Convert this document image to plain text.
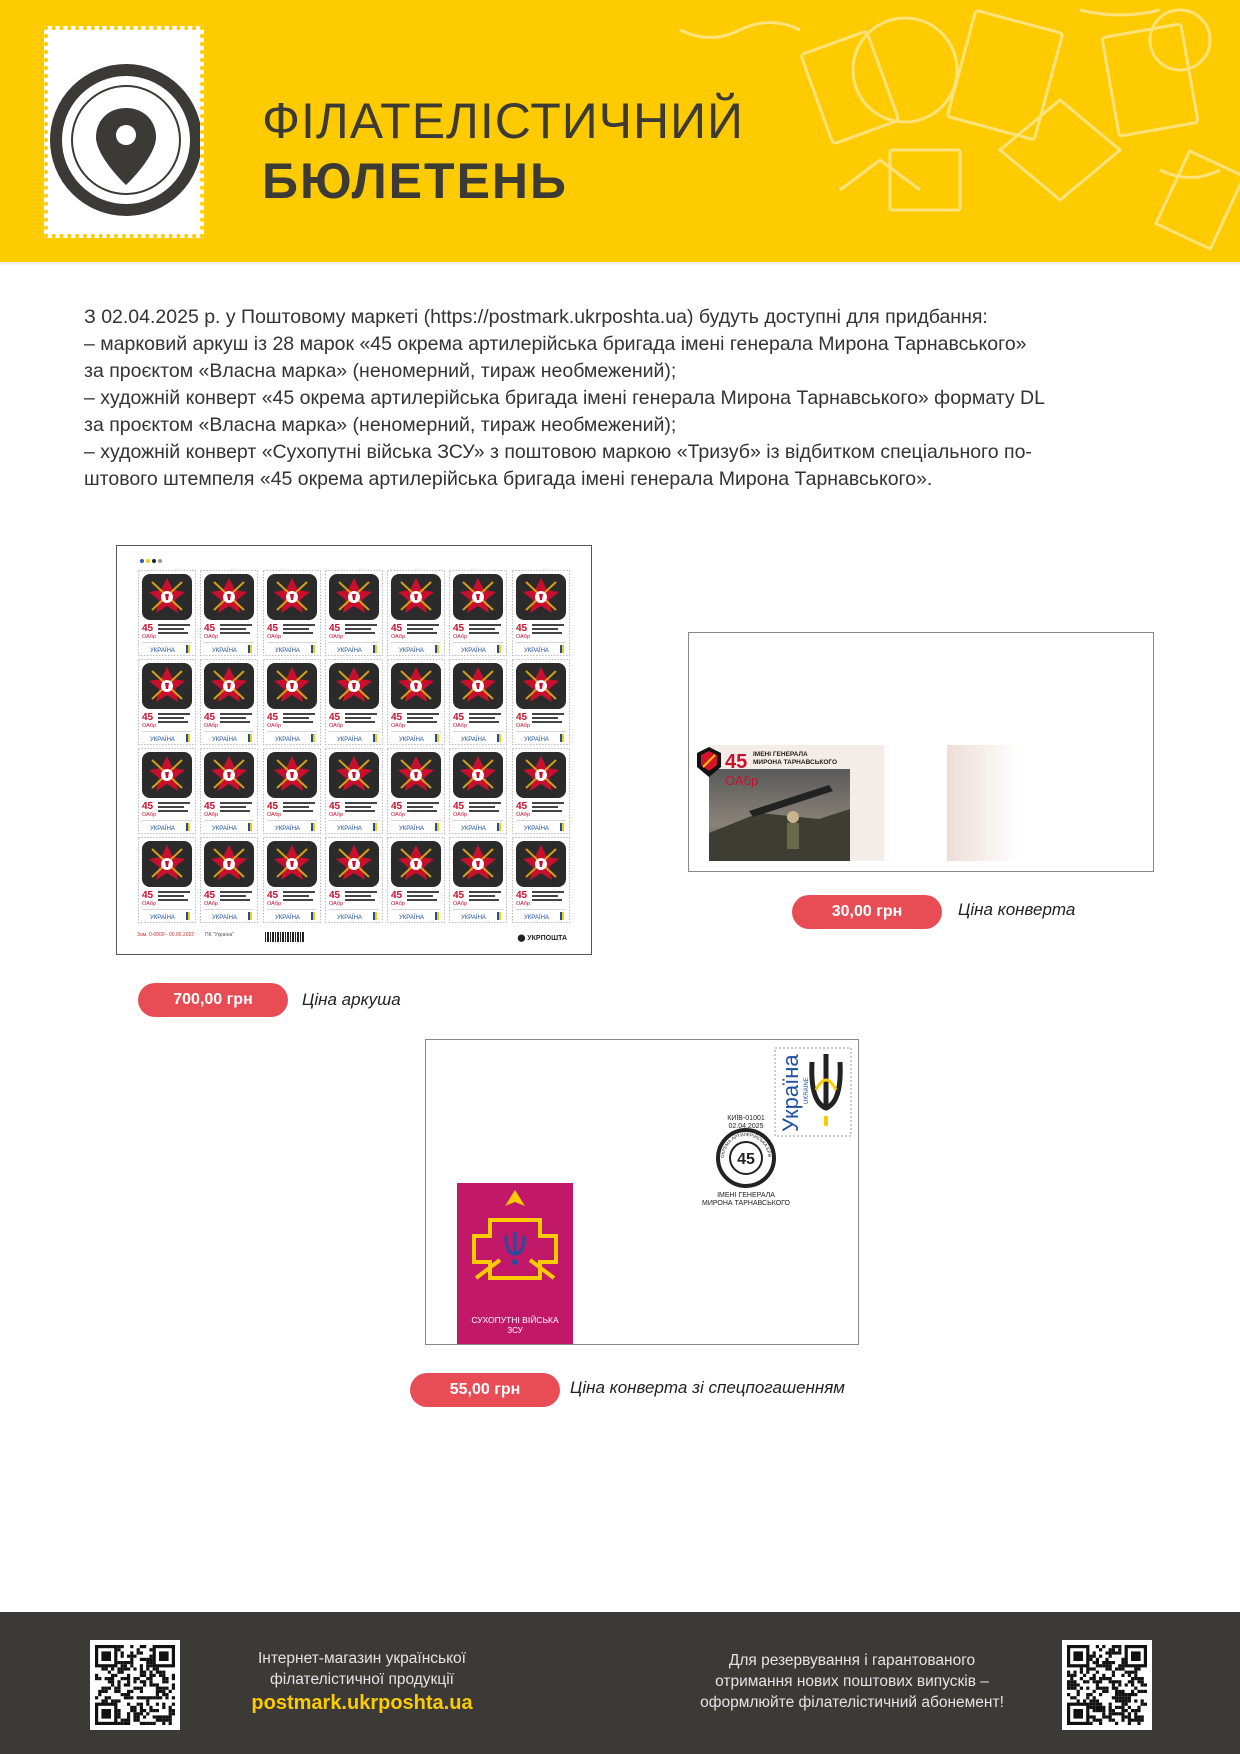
ФІЛАТЕЛІСТИЧНИЙ
БЮЛЕТЕНЬ
З 02.04.2025 р. у Поштовому маркеті (https://postmark.ukrposhta.ua) будуть доступні для придбання:
– марковий аркуш із 28 марок «45 окрема артилерійська бригада імені генерала Мирона Тарнавського»
за проєктом «Власна марка» (неномерний, тираж необмежений);
– художній конверт «45 окрема артилерійська бригада імені генерала Мирона Тарнавського» формату DL
за проєктом «Власна марка» (неномерний, тираж необмежений);
– художній конверт «Сухопутні війська ЗСУ» з поштовою маркою «Тризуб» із відбитком спеціального по-
штового штемпеля «45 окрема артилерійська бригада імені генерала Мирона Тарнавського».
45
ОАбр
УКРАЇНА
45
ОАбр
УКРАЇНА
45
ОАбр
УКРАЇНА
45
ОАбр
УКРАЇНА
45
ОАбр
УКРАЇНА
45
ОАбр
УКРАЇНА
45
ОАбр
УКРАЇНА
45
ОАбр
УКРАЇНА
45
ОАбр
УКРАЇНА
45
ОАбр
УКРАЇНА
45
ОАбр
УКРАЇНА
45
ОАбр
УКРАЇНА
45
ОАбр
УКРАЇНА
45
ОАбр
УКРАЇНА
45
ОАбр
УКРАЇНА
45
ОАбр
УКРАЇНА
45
ОАбр
УКРАЇНА
45
ОАбр
УКРАЇНА
45
ОАбр
УКРАЇНА
45
ОАбр
УКРАЇНА
45
ОАбр
УКРАЇНА
45
ОАбр
УКРАЇНА
45
ОАбр
УКРАЇНА
45
ОАбр
УКРАЇНА
45
ОАбр
УКРАЇНА
45
ОАбр
УКРАЇНА
45
ОАбр
УКРАЇНА
45
ОАбр
УКРАЇНА
Зам. 0-0000 - 00.00.2022 ПК "Україна"	⬤ УКРПОШТА
700,00 грн	Ціна аркуша
45
ОАбр
ІМЕНІ ГЕНЕРАЛА
МИРОНА ТАРНАВСЬКОГО
30,00 грн	Ціна конверта
СУХОПУТНІ ВІЙСЬКА
ЗСУ
Україна UKRAINE
КИЇВ-01001
02.04.2025
45
ОКРЕМА АРТИЛЕРІЙСЬКА БРИ
ІМЕНІ ГЕНЕРАЛА
МИРОНА ТАРНАВСЬКОГО
55,00 грн	Ціна конверта зі спецпогашенням
Інтернет-магазин української
філателістичної продукції
postmark.ukrposhta.ua
Для резервування і гарантованого
отримання нових поштових випусків –
оформлюйте філателістичний абонемент!
